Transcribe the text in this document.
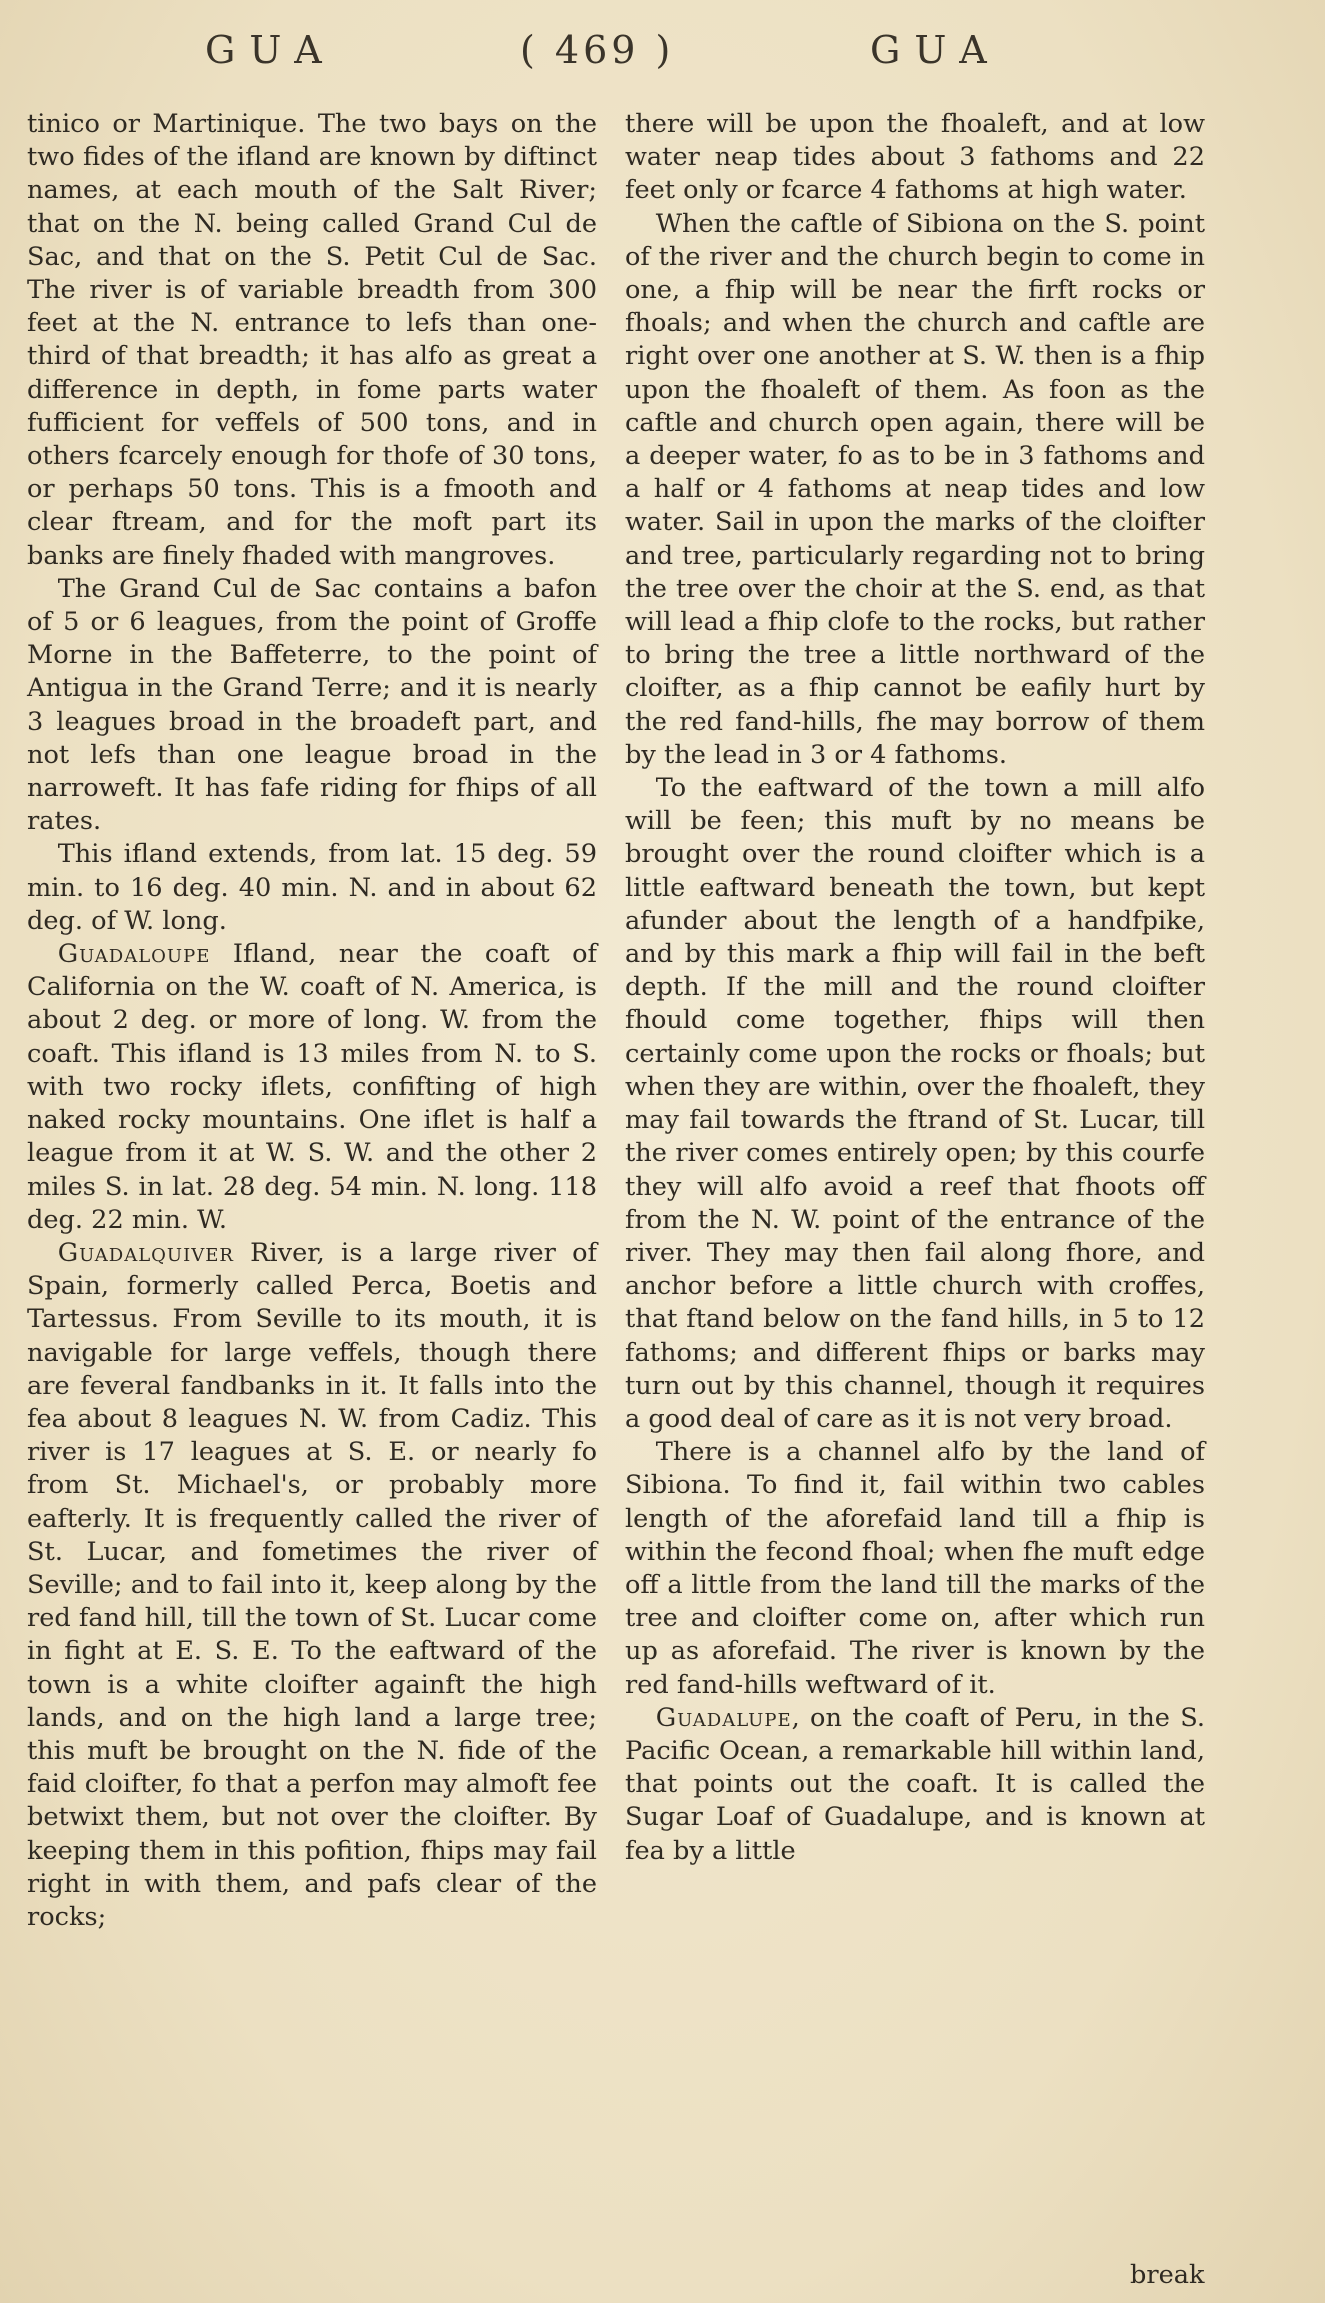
GUA	( 469 )	GUA

tinico or Martinique. The two bays on the two fides of the ifland are known by diftinct names, at each mouth of the Salt River; that on the N. being called Grand Cul de Sac, and that on the S. Petit Cul de Sac. The river is of variable breadth from 300 feet at the N. entrance to lefs than one-third of that breadth; it has alfo as great a difference in depth, in fome parts water fufficient for veffels of 500 tons, and in others fcarcely enough for thofe of 30 tons, or perhaps 50 tons. This is a fmooth and clear ftream, and for the moft part its banks are finely fhaded with mangroves.

The Grand Cul de Sac contains a bafon of 5 or 6 leagues, from the point of Groffe Morne in the Baffeterre, to the point of Antigua in the Grand Terre; and it is nearly 3 leagues broad in the broadeft part, and not lefs than one league broad in the narroweft. It has fafe riding for fhips of all rates.

This ifland extends, from lat. 15 deg. 59 min. to 16 deg. 40 min. N. and in about 62 deg. of W. long.

Guadaloupe Ifland, near the coaft of California on the W. coaft of N. America, is about 2 deg. or more of long. W. from the coaft. This ifland is 13 miles from N. to S. with two rocky iflets, confifting of high naked rocky mountains. One iflet is half a league from it at W. S. W. and the other 2 miles S. in lat. 28 deg. 54 min. N. long. 118 deg. 22 min. W.

Guadalquiver River, is a large river of Spain, formerly called Perca, Boetis and Tartessus. From Seville to its mouth, it is navigable for large veffels, though there are feveral fandbanks in it. It falls into the fea about 8 leagues N. W. from Cadiz. This river is 17 leagues at S. E. or nearly fo from St. Michael's, or probably more eafterly. It is frequently called the river of St. Lucar, and fometimes the river of Seville; and to fail into it, keep along by the red fand hill, till the town of St. Lucar come in fight at E. S. E. To the eaftward of the town is a white cloifter againft the high lands, and on the high land a large tree; this muft be brought on the N. fide of the faid cloifter, fo that a perfon may almoft fee betwixt them, but not over the cloifter. By keeping them in this pofition, fhips may fail right in with them, and pafs clear of the rocks;

there will be upon the fhoaleft, and at low water neap tides about 3 fathoms and 22 feet only or fcarce 4 fathoms at high water.

When the caftle of Sibiona on the S. point of the river and the church begin to come in one, a fhip will be near the firft rocks or fhoals; and when the church and caftle are right over one another at S. W. then is a fhip upon the fhoaleft of them. As foon as the caftle and church open again, there will be a deeper water, fo as to be in 3 fathoms and a half or 4 fathoms at neap tides and low water. Sail in upon the marks of the cloifter and tree, particularly regarding not to bring the tree over the choir at the S. end, as that will lead a fhip clofe to the rocks, but rather to bring the tree a little northward of the cloifter, as a fhip cannot be eafily hurt by the red fand-hills, fhe may borrow of them by the lead in 3 or 4 fathoms.

To the eaftward of the town a mill alfo will be feen; this muft by no means be brought over the round cloifter which is a little eaftward beneath the town, but kept afunder about the length of a handfpike, and by this mark a fhip will fail in the beft depth. If the mill and the round cloifter fhould come together, fhips will then certainly come upon the rocks or fhoals; but when they are within, over the fhoaleft, they may fail towards the ftrand of St. Lucar, till the river comes entirely open; by this courfe they will alfo avoid a reef that fhoots off from the N. W. point of the entrance of the river. They may then fail along fhore, and anchor before a little church with croffes, that ftand below on the fand hills, in 5 to 12 fathoms; and different fhips or barks may turn out by this channel, though it requires a good deal of care as it is not very broad.

There is a channel alfo by the land of Sibiona. To find it, fail within two cables length of the aforefaid land till a fhip is within the fecond fhoal; when fhe muft edge off a little from the land till the marks of the tree and cloifter come on, after which run up as aforefaid. The river is known by the red fand-hills weftward of it.

Guadalupe, on the coaft of Peru, in the S. Pacific Ocean, a remarkable hill within land, that points out the coaft. It is called the Sugar Loaf of Guadalupe, and is known at fea by a little

break
